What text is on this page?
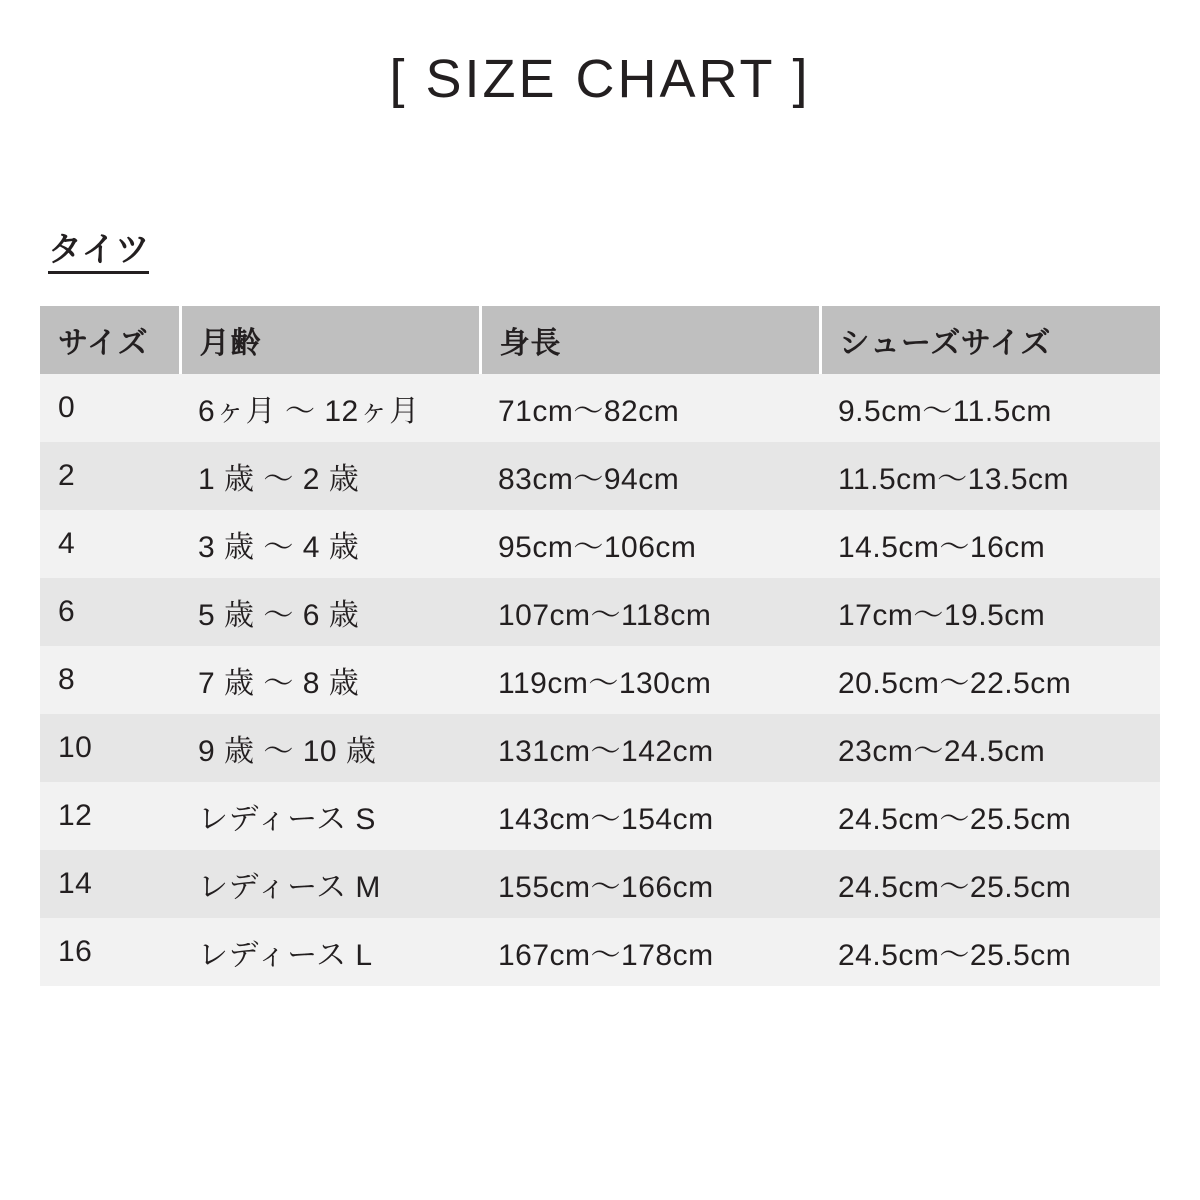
[ SIZE CHART ]
タイツ
サイズ	月齢	身長	シューズサイズ
0	6ヶ月 〜 12ヶ月	71cm〜82cm	9.5cm〜11.5cm
2	1 歳 〜 2 歳	83cm〜94cm	11.5cm〜13.5cm
4	3 歳 〜 4 歳	95cm〜106cm	14.5cm〜16cm
6	5 歳 〜 6 歳	107cm〜118cm	17cm〜19.5cm
8	7 歳 〜 8 歳	119cm〜130cm	20.5cm〜22.5cm
10	9 歳 〜 10 歳	131cm〜142cm	23cm〜24.5cm
12	レディース S	143cm〜154cm	24.5cm〜25.5cm
14	レディース M	155cm〜166cm	24.5cm〜25.5cm
16	レディース L	167cm〜178cm	24.5cm〜25.5cm
